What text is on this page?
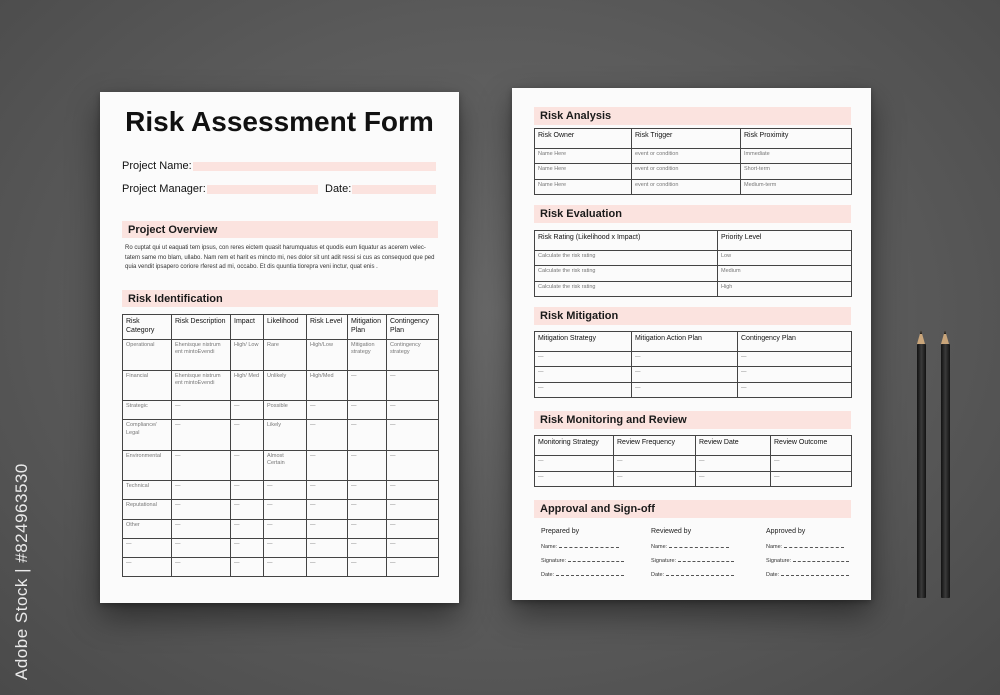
Adobe Stock | #824963530
Risk Assessment Form
Project Name:
Project Manager:	Date:
Project Overview
Ro cuptat qui ut eaquati tem ipsus, con reres eictem quasit harumquatus et quodis eum liquatur as acerem velec-tatem same mo blam, ullabo. Nam rem et harit es mincto mi, nes dolor sit unt adit ressi si cus as consequod que ped quia vendit ipsapero coriore rferest ad mi, occabo. Et dis quuntia tiorepra veni inctur, quat enis .
Risk Identification
Risk Category	Risk Description	Impact	Likelihood	Risk Level	Mitigation Plan	Contingency Plan
Operational	Ehenisque nistrum ent mintoEvendi	High/ Low	Rare	High/Low	Mitigation strategy	Contingency strategy
Financial	Ehenisque nistrum ent mintoEvendi	High/ Med	Unlikely	High/Med	—	—
Strategic	—	—	Possible	—	—	—
Compliance/ Legal	—	—	Likely	—	—	—
Environmental	—	—	Almost Certain	—	—	—
Technical	—	—	—	—	—	—
Reputational	—	—	—	—	—	—
Other	—	—	—	—	—	—
—	—	—	—	—	—	—
—	—	—	—	—	—	—
Risk Analysis
Risk Owner	Risk Trigger	Risk Proximity
Name Here	event or condition	Immediate
Name Here	event or condition	Short-term
Name Here	event or condition	Medium-term
Risk Evaluation
Risk Rating (Likelihood x Impact)	Priority Level
Calculate the risk rating	Low
Calculate the risk rating	Medium
Calculate the risk rating	High
Risk Mitigation
Mitigation Strategy	Mitigation Action Plan	Contingency Plan
—	—	—
—	—	—
—	—	—
Risk Monitoring and Review
Monitoring Strategy	Review Frequency	Review Date	Review Outcome
—	—	—	—
—	—	—	—
Approval and Sign-off
Prepared by
Name:
Signature:
Date:
Reviewed by
Name:
Signature:
Date:
Approved by
Name:
Signature:
Date:
